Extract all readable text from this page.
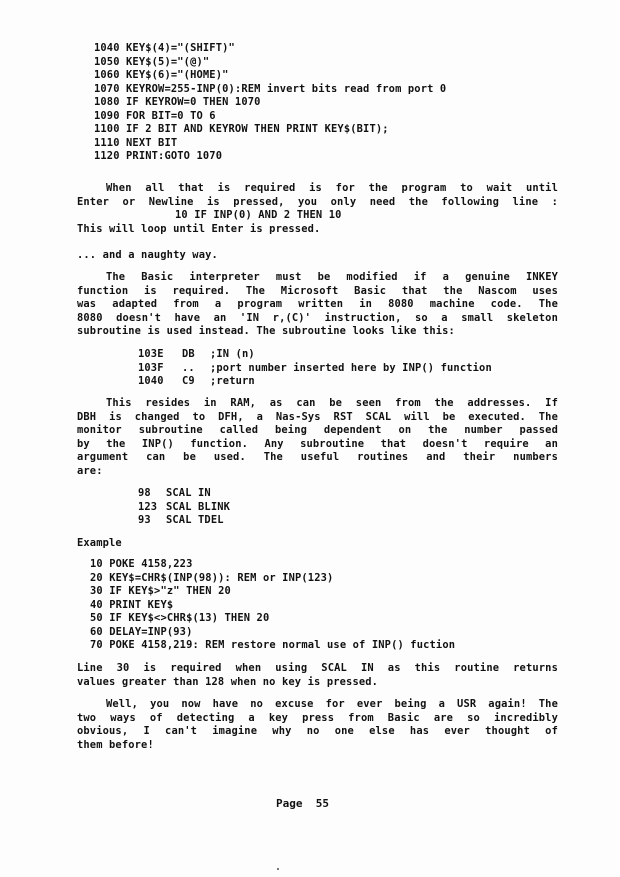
1040 KEY$(4)="(SHIFT)"
1050 KEY$(5)="(@)"
1060 KEY$(6)="(HOME)"
1070 KEYROW=255-INP(0):REM invert bits read from port 0
1080 IF KEYROW=0 THEN 1070
1090 FOR BIT=0 TO 6
1100 IF 2 BIT AND KEYROW THEN PRINT KEY$(BIT);
1110 NEXT BIT
1120 PRINT:GOTO 1070
When all that is required is for the program to wait until
Enter or Newline is pressed, you only need the following line :
10 IF INP(0) AND 2 THEN 10
This will loop until Enter is pressed.
... and a naughty way.
The Basic interpreter must be modified if a genuine INKEY
function is required. The Microsoft Basic that the Nascom uses
was adapted from a program written in 8080 machine code. The
8080 doesn't have an 'IN r,(C)' instruction, so a small skeleton
subroutine is used instead. The subroutine looks like this:
103E DB ;IN (n)
103F .. ;port number inserted here by INP() function
1040 C9 ;return
This resides in RAM, as can be seen from the addresses. If
DBH is changed to DFH, a Nas-Sys RST SCAL will be executed. The
monitor subroutine called being dependent on the number passed
by the INP() function. Any subroutine that doesn't require an
argument can be used. The useful routines and their numbers
are:
98 SCAL IN
123 SCAL BLINK
93 SCAL TDEL
Example
10 POKE 4158,223
20 KEY$=CHR$(INP(98)): REM or INP(123)
30 IF KEY$>"z" THEN 20
40 PRINT KEY$
50 IF KEY$<>CHR$(13) THEN 20
60 DELAY=INP(93)
70 POKE 4158,219: REM restore normal use of INP() fuction
Line 30 is required when using SCAL IN as this routine returns
values greater than 128 when no key is pressed.
Well, you now have no excuse for ever being a USR again! The
two ways of detecting a key press from Basic are so incredibly
obvious, I can't imagine why no one else has ever thought of
them before!
Page  55
